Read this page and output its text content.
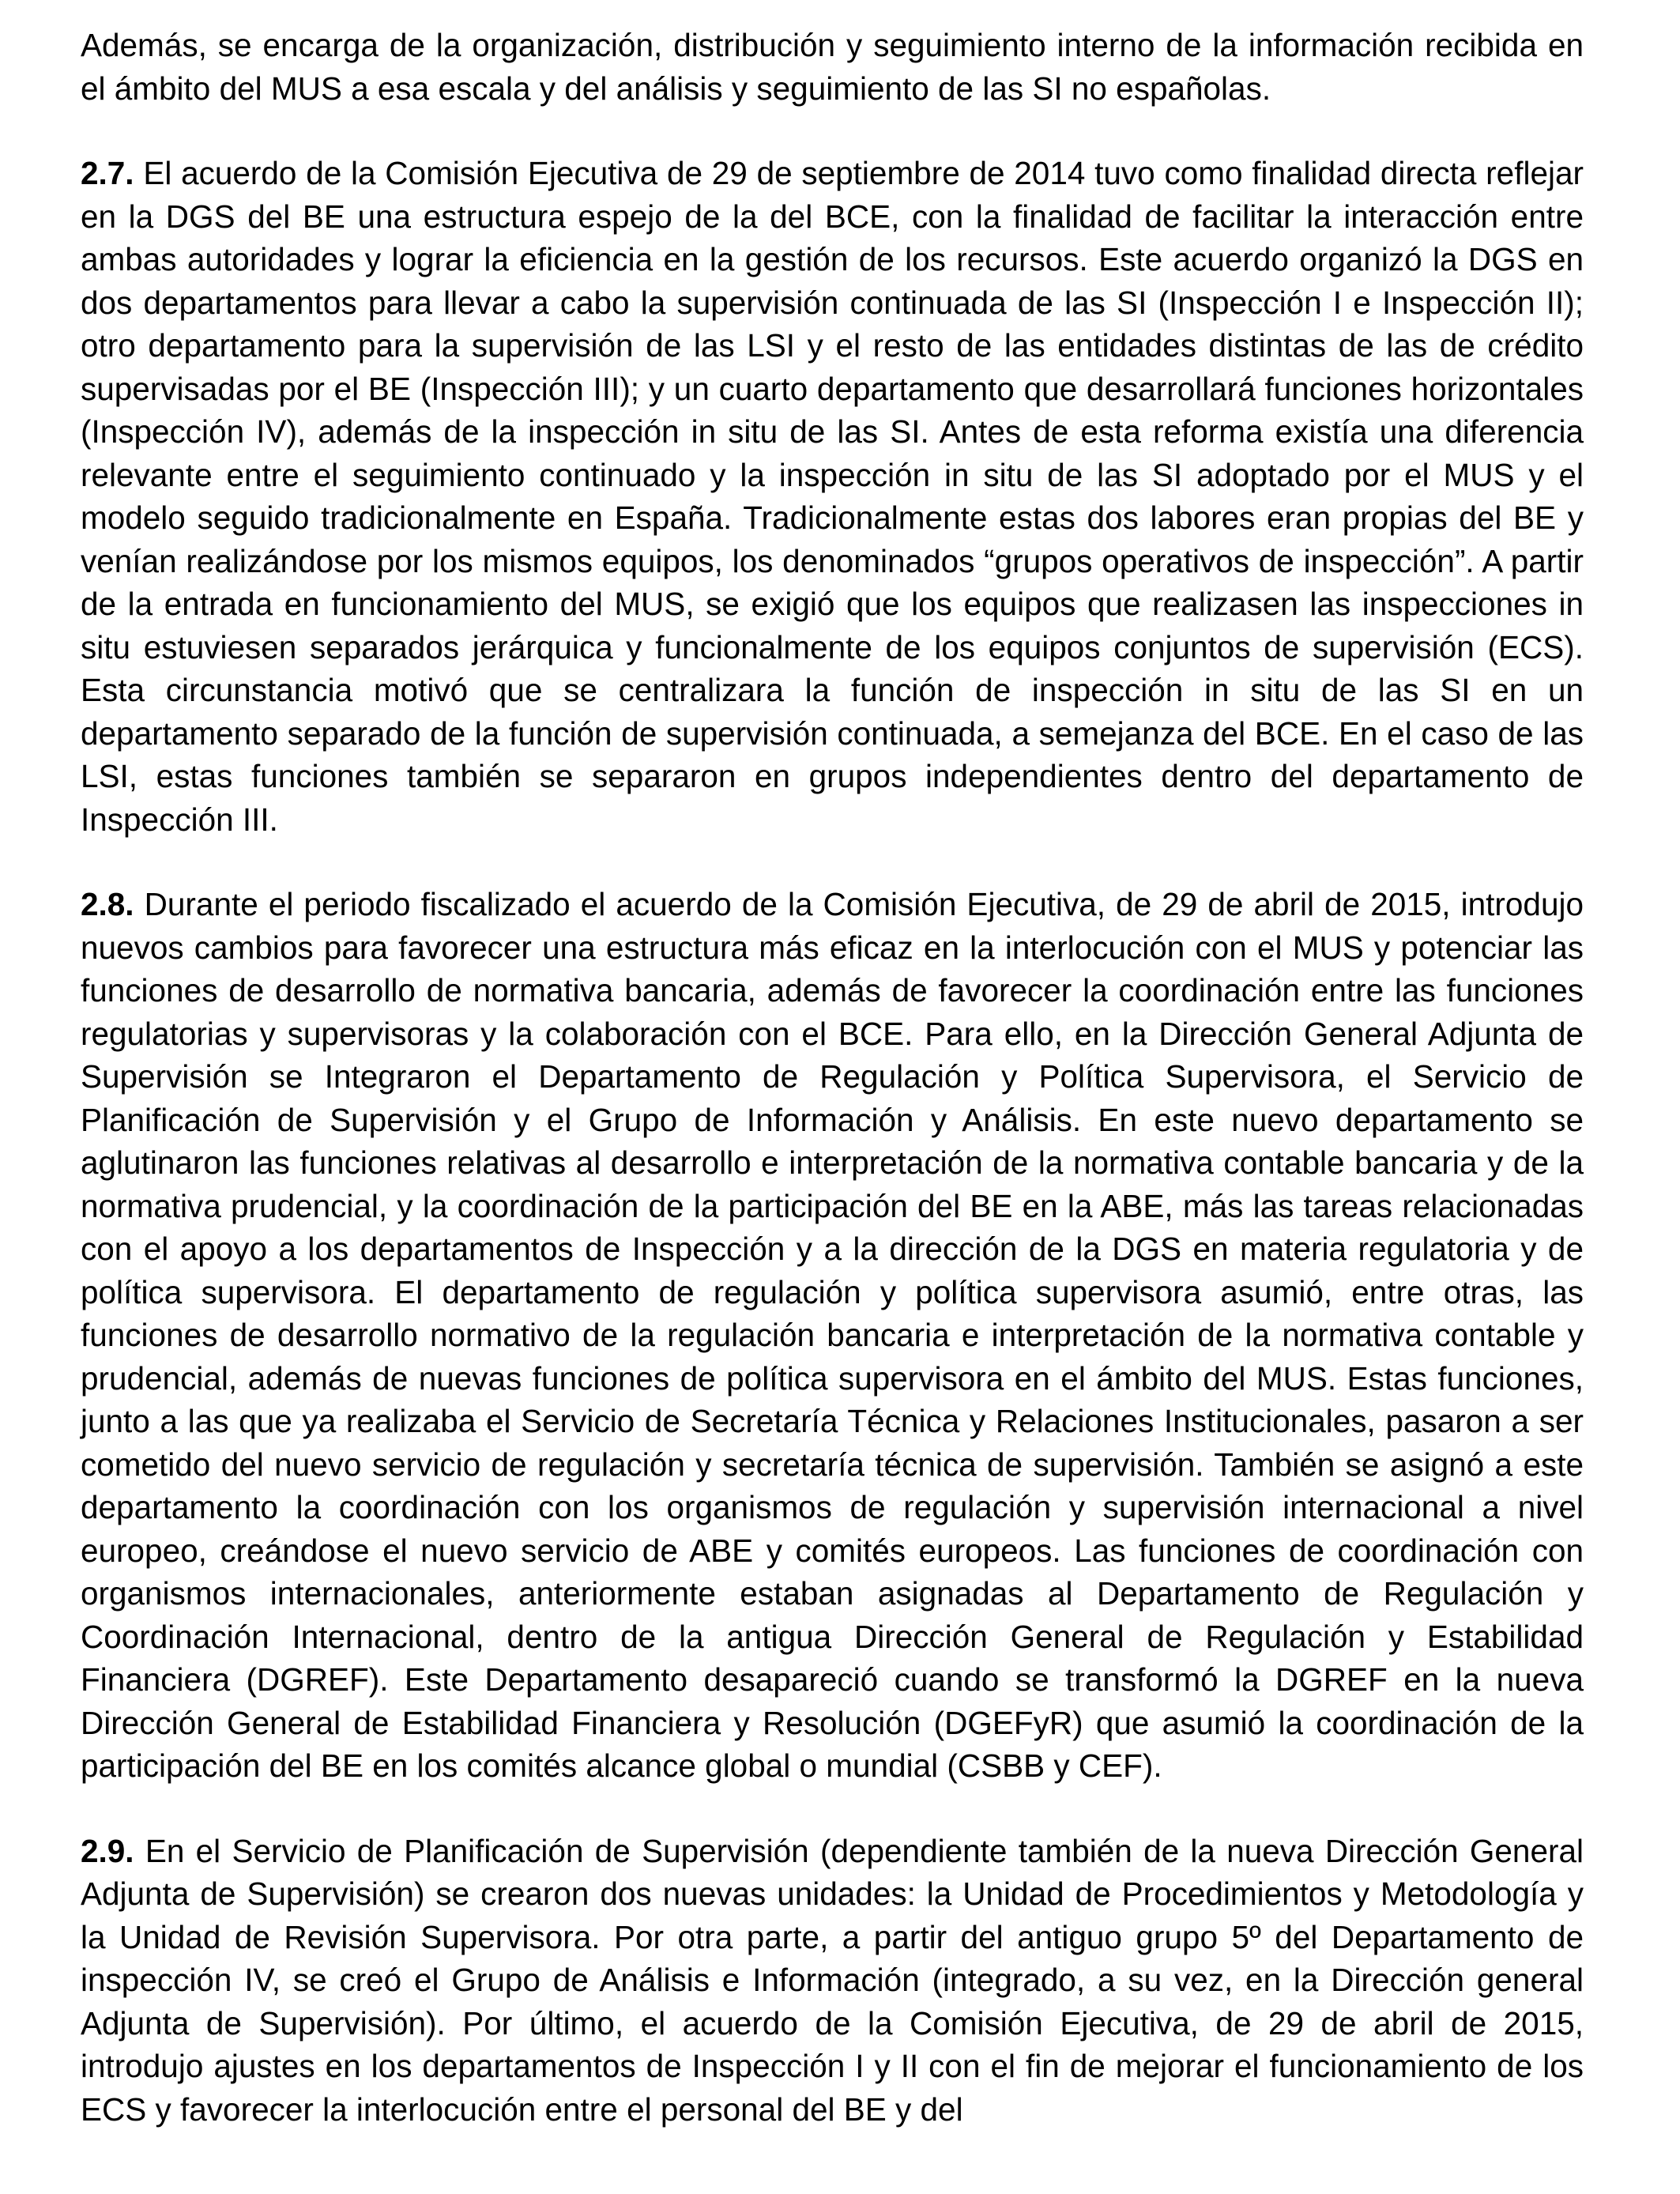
Además, se encarga de la organización, distribución y seguimiento interno de la información recibida en el ámbito del MUS a esa escala y del análisis y seguimiento de las SI no españolas.

2.7. El acuerdo de la Comisión Ejecutiva de 29 de septiembre de 2014 tuvo como finalidad directa reflejar en la DGS del BE una estructura espejo de la del BCE, con la finalidad de facilitar la interacción entre ambas autoridades y lograr la eficiencia en la gestión de los recursos. Este acuerdo organizó la DGS en dos departamentos para llevar a cabo la supervisión continuada de las SI (Inspección I e Inspección II); otro departamento para la supervisión de las LSI y el resto de las entidades distintas de las de crédito supervisadas por el BE (Inspección III); y un cuarto departamento que desarrollará funciones horizontales (Inspección IV), además de la inspección in situ de las SI. Antes de esta reforma existía una diferencia relevante entre el seguimiento continuado y la inspección in situ de las SI adoptado por el MUS y el modelo seguido tradicionalmente en España. Tradicionalmente estas dos labores eran propias del BE y venían realizándose por los mismos equipos, los denominados “grupos operativos de inspección”. A partir de la entrada en funcionamiento del MUS, se exigió que los equipos que realizasen las inspecciones in situ estuviesen separados jerárquica y funcionalmente de los equipos conjuntos de supervisión (ECS). Esta circunstancia motivó que se centralizara la función de inspección in situ de las SI en un departamento separado de la función de supervisión continuada, a semejanza del BCE. En el caso de las LSI, estas funciones también se separaron en grupos independientes dentro del departamento de Inspección III.

2.8. Durante el periodo fiscalizado el acuerdo de la Comisión Ejecutiva, de 29 de abril de 2015, introdujo nuevos cambios para favorecer una estructura más eficaz en la interlocución con el MUS y potenciar las funciones de desarrollo de normativa bancaria, además de favorecer la coordinación entre las funciones regulatorias y supervisoras y la colaboración con el BCE. Para ello, en la Dirección General Adjunta de Supervisión se Integraron el Departamento de Regulación y Política Supervisora, el Servicio de Planificación de Supervisión y el Grupo de Información y Análisis. En este nuevo departamento se aglutinaron las funciones relativas al desarrollo e interpretación de la normativa contable bancaria y de la normativa prudencial, y la coordinación de la participación del BE en la ABE, más las tareas relacionadas con el apoyo a los departamentos de Inspección y a la dirección de la DGS en materia regulatoria y de política supervisora. El departamento de regulación y política supervisora asumió, entre otras, las funciones de desarrollo normativo de la regulación bancaria e interpretación de la normativa contable y prudencial, además de nuevas funciones de política supervisora en el ámbito del MUS. Estas funciones, junto a las que ya realizaba el Servicio de Secretaría Técnica y Relaciones Institucionales, pasaron a ser cometido del nuevo servicio de regulación y secretaría técnica de supervisión. También se asignó a este departamento la coordinación con los organismos de regulación y supervisión internacional a nivel europeo, creándose el nuevo servicio de ABE y comités europeos. Las funciones de coordinación con organismos internacionales, anteriormente estaban asignadas al Departamento de Regulación y Coordinación Internacional, dentro de la antigua Dirección General de Regulación y Estabilidad Financiera (DGREF). Este Departamento desapareció cuando se transformó la DGREF en la nueva Dirección General de Estabilidad Financiera y Resolución (DGEFyR) que asumió la coordinación de la participación del BE en los comités alcance global o mundial (CSBB y CEF).

2.9. En el Servicio de Planificación de Supervisión (dependiente también de la nueva Dirección General Adjunta de Supervisión) se crearon dos nuevas unidades: la Unidad de Procedimientos y Metodología y la Unidad de Revisión Supervisora. Por otra parte, a partir del antiguo grupo 5º del Departamento de inspección IV, se creó el Grupo de Análisis e Información (integrado, a su vez, en la Dirección general Adjunta de Supervisión). Por último, el acuerdo de la Comisión Ejecutiva, de 29 de abril de 2015, introdujo ajustes en los departamentos de Inspección I y II con el fin de mejorar el funcionamiento de los ECS y favorecer la interlocución entre el personal del BE y del
